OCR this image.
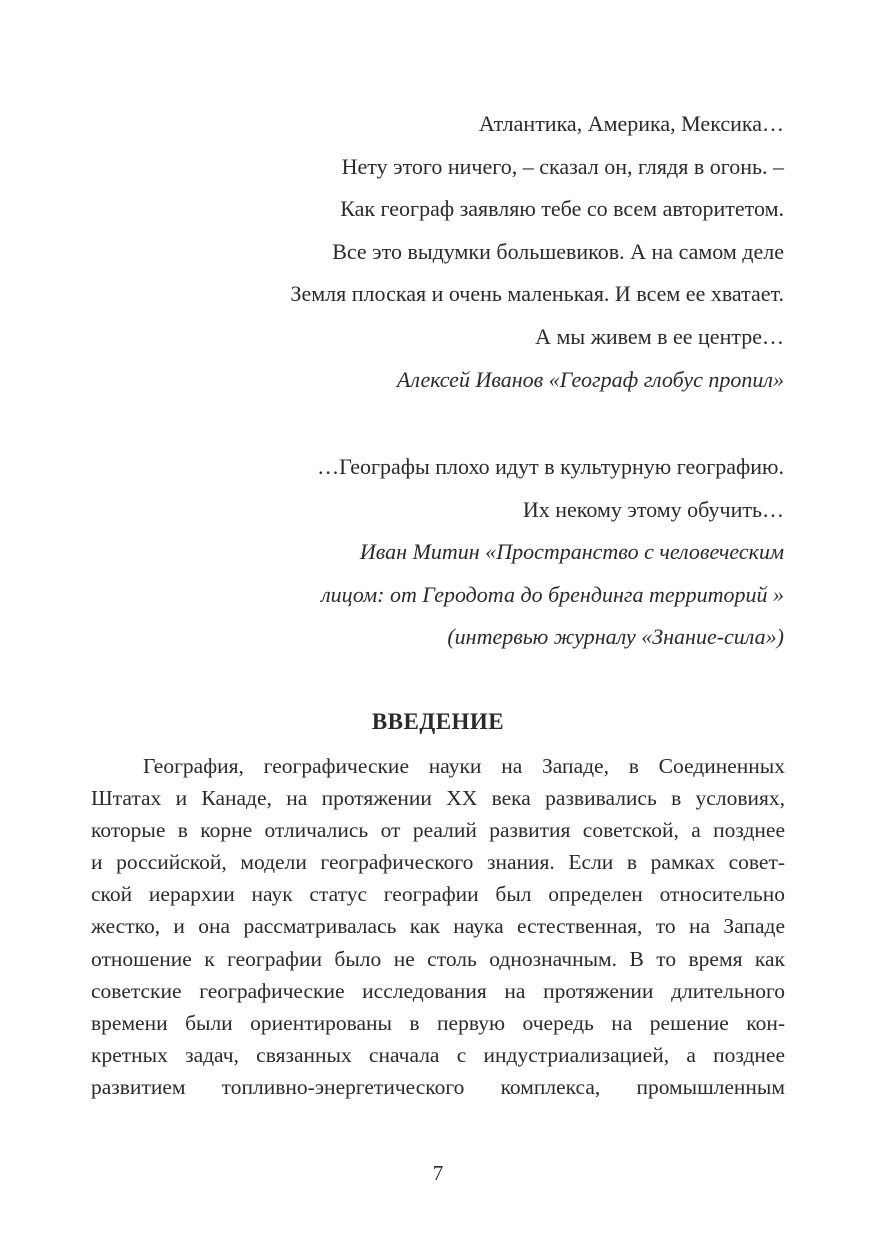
Атлантика, Америка, Мексика…
Нету этого ничего, – сказал он, глядя в огонь. –
Как географ заявляю тебе со всем авторитетом.
Все это выдумки большевиков. А на самом деле
Земля плоская и очень маленькая. И всем ее хватает.
А мы живем в ее центре…
Алексей Иванов «Географ глобус пропил»
…Географы плохо идут в культурную географию.
Их некому этому обучить…
Иван Митин «Пространство с человеческим
лицом: от Геродота до брендинга территорий »
(интервью журналу «Знание-сила»)
ВВЕДЕНИЕ
География, географические науки на Западе, в Соединенных
Штатах и Канаде, на протяжении XX века развивались в условиях,
которые в корне отличались от реалий развития советской, а позднее
и российской, модели географического знания. Если в рамках совет-
ской иерархии наук статус географии был определен относительно
жестко, и она рассматривалась как наука естественная, то на Западе
отношение к географии было не столь однозначным. В то время как
советские географические исследования на протяжении длительного
времени были ориентированы в первую очередь на решение кон-
кретных задач, связанных сначала с индустриализацией, а позднее
развитием топливно-энергетического комплекса, промышленным
7
